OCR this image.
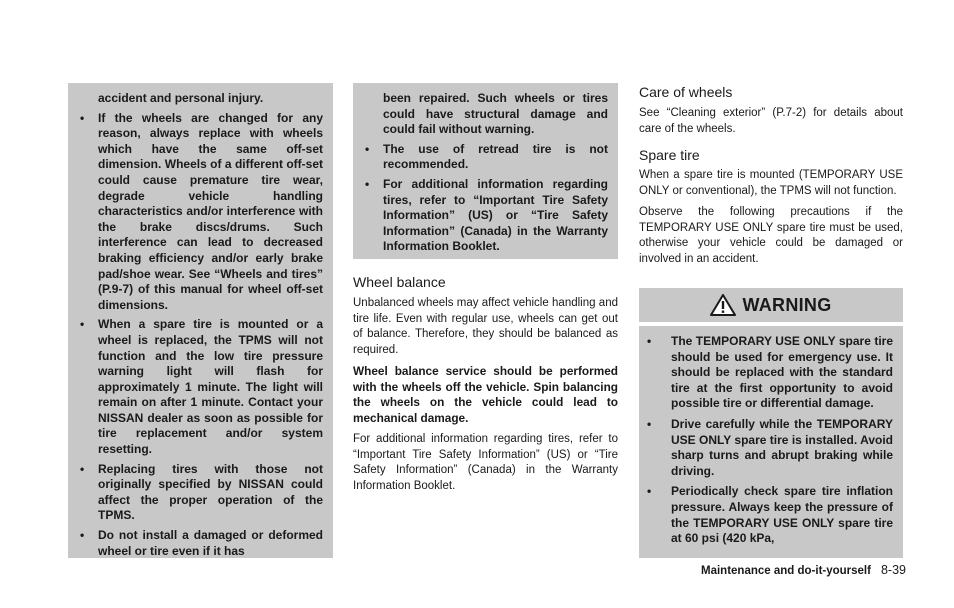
accident and personal injury.

• If the wheels are changed for any reason, always replace with wheels which have the same off-set dimension. Wheels of a different off-set could cause premature tire wear, degrade vehicle handling characteristics and/or interference with the brake discs/drums. Such interference can lead to decreased braking efficiency and/or early brake pad/shoe wear. See “Wheels and tires” (P.9-7) of this manual for wheel off-set dimensions.

• When a spare tire is mounted or a wheel is replaced, the TPMS will not function and the low tire pressure warning light will flash for approximately 1 minute. The light will remain on after 1 minute. Contact your NISSAN dealer as soon as possible for tire replacement and/or system resetting.

• Replacing tires with those not originally specified by NISSAN could affect the proper operation of the TPMS.

• Do not install a damaged or deformed wheel or tire even if it has

been repaired. Such wheels or tires could have structural damage and could fail without warning.

• The use of retread tire is not recommended.

• For additional information regarding tires, refer to “Important Tire Safety Information” (US) or “Tire Safety Information” (Canada) in the Warranty Information Booklet.

Wheel balance

Unbalanced wheels may affect vehicle handling and tire life. Even with regular use, wheels can get out of balance. Therefore, they should be balanced as required.

Wheel balance service should be performed with the wheels off the vehicle. Spin balancing the wheels on the vehicle could lead to mechanical damage.

For additional information regarding tires, refer to “Important Tire Safety Information” (US) or “Tire Safety Information” (Canada) in the Warranty Information Booklet.

Care of wheels

See “Cleaning exterior” (P.7-2) for details about care of the wheels.

Spare tire

When a spare tire is mounted (TEMPORARY USE ONLY or conventional), the TPMS will not function.

Observe the following precautions if the TEMPORARY USE ONLY spare tire must be used, otherwise your vehicle could be damaged or involved in an accident.

WARNING
•	The TEMPORARY USE ONLY spare tire should be used for emergency use. It should be replaced with the standard tire at the first opportunity to avoid possible tire or differential damage.

•	Drive carefully while the TEMPORARY USE ONLY spare tire is installed. Avoid sharp turns and abrupt braking while driving.

•	Periodically check spare tire inflation pressure. Always keep the pressure of the TEMPORARY USE ONLY spare tire at 60 psi (420 kPa,

Maintenance and do-it-yourself 8-39
